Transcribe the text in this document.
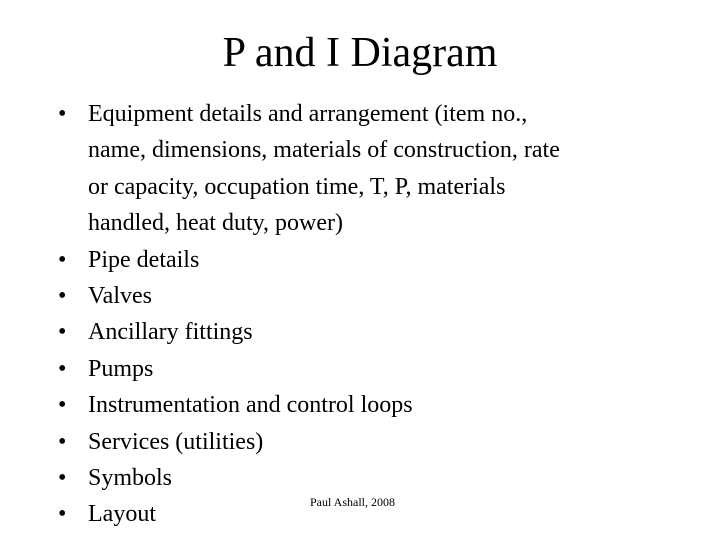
P and I Diagram
• Equipment details and arrangement (item no.,
name, dimensions, materials of construction, rate
or capacity, occupation time, T, P, materials
handled, heat duty, power)
• Pipe details
• Valves
• Ancillary fittings
• Pumps
• Instrumentation and control loops
• Services (utilities)
• Symbols
• Layout	Paul Ashall, 2008
